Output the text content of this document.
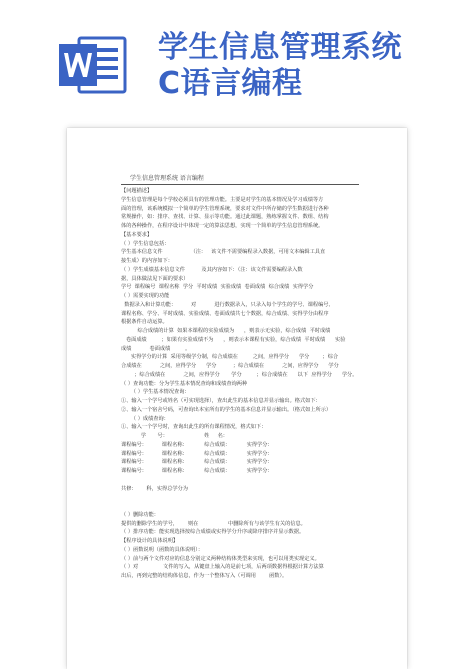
学生信息管理系统
C语言编程
学生信息管理系统 语言编程
【问题描述】
学生信息管理是每个学校必须具有的管理功能。主要是对学生的基本情况及学习成绩等方
面的管理，该系统模拟一个简单的学生管理系统，要求对文件中所存储的学生数据进行各种
常规操作，如：排序、查找、计算、显示等功能。通过此课题，熟练掌握文件、数组、结构
体的各种操作，在程序设计中体现一定的算法思想，实现一个简单的学生信息管理系统。
【基本要求】
（ ）学生信息包括：
学生基本信息文件                 （注：   该文件不需要编程录入数据，可用文本编辑工具直
接生成）的内容如下：
（ ）学生成绩基本信息文件          及其内容如下：（注：该文件需要编程录入数
据，具体做法见下面的要求）
学号  课程编号  课程名称  学分  平时成绩  实验成绩  卷面成绩  综合成绩  实得学分
（ ）需要实现的功能
数据录入和计算功能：         对           进行数据录入，只录入每个学生的学号、课程编号、
课程名称、学分、平时成绩、实验成绩、卷面成绩共七个数据，综合成绩、实得学分由程序
根据条件自动运算。
综合成绩的计算  如果本课程的实验成绩为      ，则表示无实验，综合成绩  平时成绩
卷面成绩         ；如果有实验成绩不为      ，则表示本课程有实验，综合成绩  平时成绩      实验
成绩           卷面成绩         。
实得学分的计算  采用等级学分制，综合成绩在         之间，应得学分      学分        ；综合
合成绩在           之间，应得学分      学分          ；综合成绩在           之间，应得学分      学分
；综合成绩在           之间，应得学分       学分         ；综合成绩在      以下  应得学分      学分。
（ ）查询功能：分为学生基本情况查询和成绩查询两种
（ ）学生基本情况查询：
①、输入一个学号或姓名（可实现选择），查出此生的基本信息并显示输出。格式如下：
②、输入一个宿舍号码，可查询出本室所有的学生的基本信息并显示输出。（格式如上所示）
（ ）成绩查询：
①、输入一个学号时，查询出此生的所有课程情况，格式如下：
学       号：                      姓     名：
课程编号：         课程名称：          综合成绩：          实得学分：
课程编号：         课程名称：          综合成绩：          实得学分：
课程编号：         课程名称：          综合成绩：          实得学分：
课程编号：         课程名称：          综合成绩：          实得学分：
共修：      科，实得总学分为
（ ）删除功能：
提供的删除学生的学号，      则在                  中删除所有与该学生有关的信息。
（ ）排序功能：能实现选择按综合成绩或实得学分升序或降序排序并显示数据。
【程序设计的具体说明】
（ ）函数说明（函数的具体说明）：
（ ）前与两个文件对应的信息分别定义两种结构体类型来实现，也可以用类实现定义。
（ ）对               文件的写入，从键盘上输入的是前七项，后两项数据得根据计算方法算
出后，再到完整的结构体信息，作为一个整体写入（可调用        函数）。
